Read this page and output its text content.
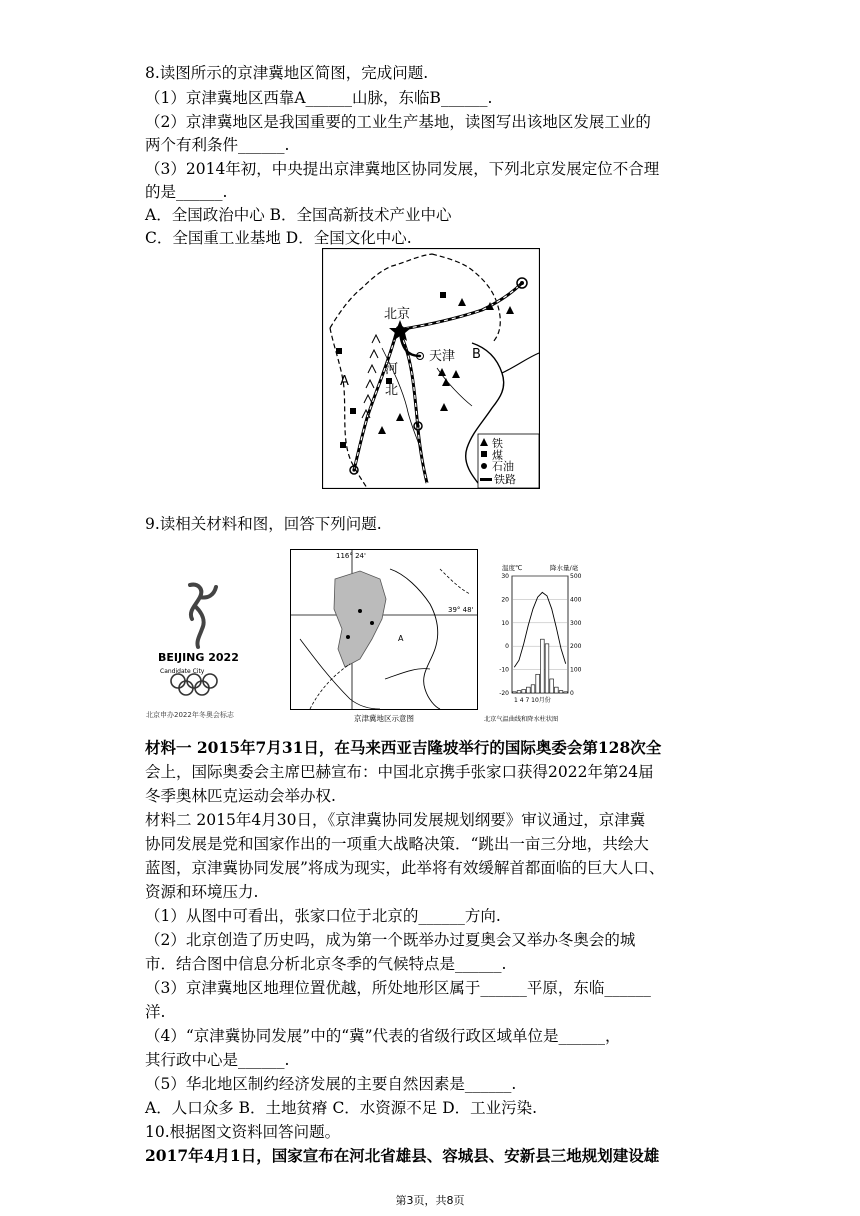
8.读图所示的京津冀地区简图，完成问题.
（1）京津冀地区西靠A______山脉，东临B______.
（2）京津冀地区是我国重要的工业生产基地，读图写出该地区发展工业的
两个有利条件______.
（3）2014年初，中央提出京津冀地区协同发展，下列北京发展定位不合理
的是______.
A．全国政治中心 B．全国高新技术产业中心
C．全国重工业基地 D．全国文化中心.
北京
天津
河
北
A
B
铁
煤
石油
铁路
9.读相关材料和图，回答下列问题.
BEIJING 2022
Candidate City
北京申办2022年冬奥会标志
116° 24'
39° 48'
A
京津冀地区示意图
温度℃	降水量/毫
30
20
10
0
-10
-20
500
400
300
200
100
0
1 4 7 10月份
北京气温曲线和降水柱状图
材料一 2015年7月31日，在马来西亚吉隆坡举行的国际奥委会第128次全
会上，国际奥委会主席巴赫宣布：中国北京携手张家口获得2022年第24届
冬季奥林匹克运动会举办权.
材料二 2015年4月30日，《京津冀协同发展规划纲要》审议通过，京津冀
协同发展是党和国家作出的一项重大战略决策．“跳出一亩三分地，共绘大
蓝图，京津冀协同发展”将成为现实，此举将有效缓解首都面临的巨大人口、
资源和环境压力.
（1）从图中可看出，张家口位于北京的______方向.
（2）北京创造了历史吗，成为第一个既举办过夏奥会又举办冬奥会的城
市．结合图中信息分析北京冬季的气候特点是______.
（3）京津冀地区地理位置优越，所处地形区属于______平原，东临______
洋.
（4）“京津冀协同发展”中的“冀”代表的省级行政区域单位是______，
其行政中心是______.
（5）华北地区制约经济发展的主要自然因素是______.
A．人口众多 B．土地贫瘠 C．水资源不足 D．工业污染.
10.根据图文资料回答问题。
2017年4月1日，国家宣布在河北省雄县、容城县、安新县三地规划建设雄
第3页，共8页
